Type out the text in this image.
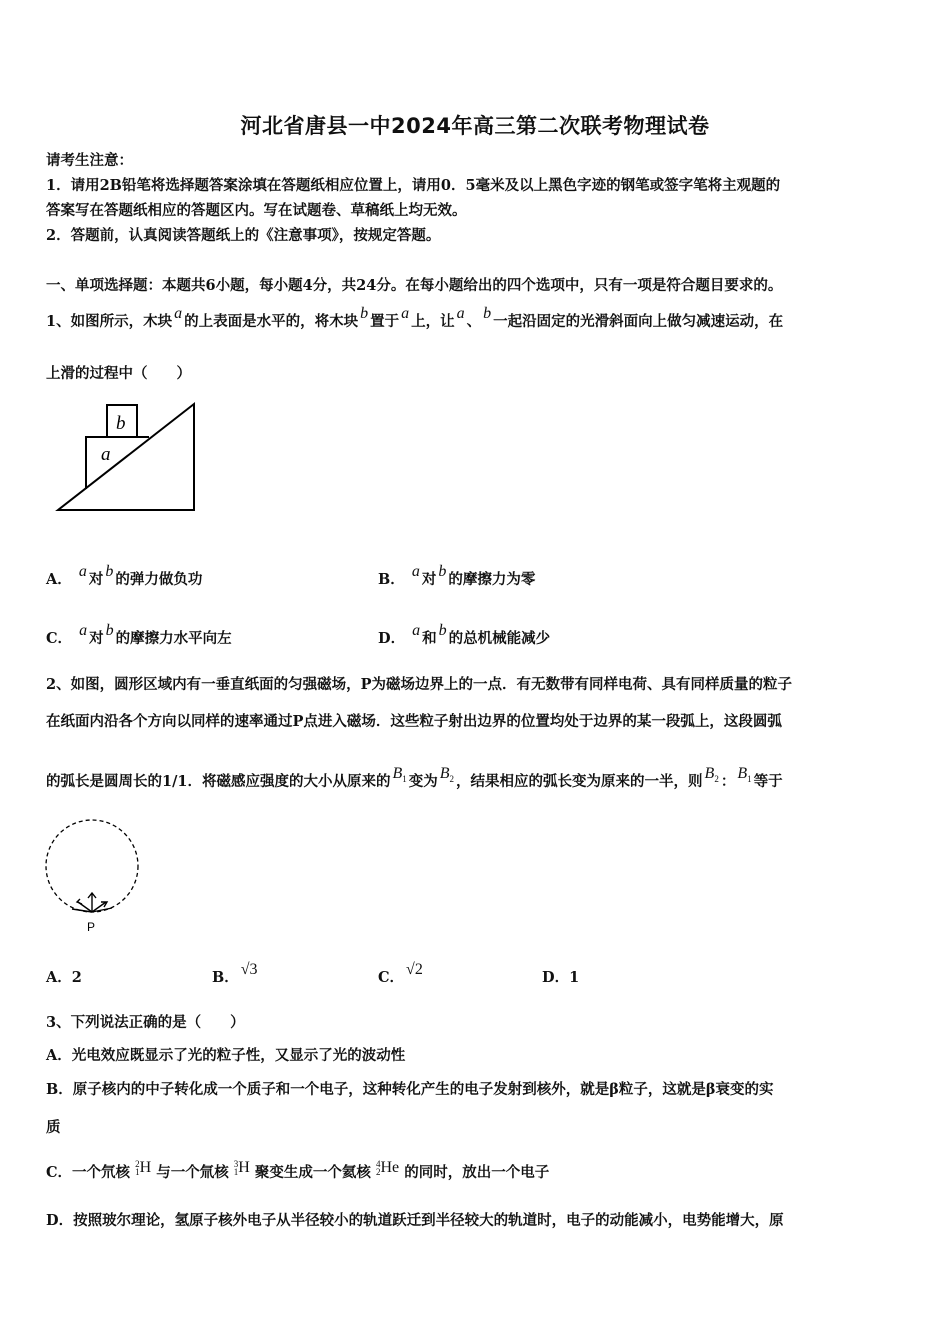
河北省唐县一中2024年高三第二次联考物理试卷
请考生注意：
1．请用2B铅笔将选择题答案涂填在答题纸相应位置上，请用0．5毫米及以上黑色字迹的钢笔或签字笔将主观题的
答案写在答题纸相应的答题区内。写在试题卷、草稿纸上均无效。
2．答题前，认真阅读答题纸上的《注意事项》，按规定答题。
一、单项选择题：本题共6小题，每小题4分，共24分。在每小题给出的四个选项中，只有一项是符合题目要求的。
1、如图所示，木块 a 的上表面是水平的，将木块 b 置于 a 上，让 a 、 b 一起沿固定的光滑斜面向上做匀减速运动，在
上滑的过程中（　　）
a
b
A． a 对 b 的弹力做负功	B． a 对 b 的摩擦力为零
C． a 对 b 的摩擦力水平向左	D． a 和 b 的总机械能减少
2、如图，圆形区域内有一垂直纸面的匀强磁场，P为磁场边界上的一点．有无数带有同样电荷、具有同样质量的粒子
在纸面内沿各个方向以同样的速率通过P点进入磁场．这些粒子射出边界的位置均处于边界的某一段弧上，这段圆弧
的弧长是圆周长的1/1．将磁感应强度的大小从原来的 $B_1$ 变为 $B_2$ ，结果相应的弧长变为原来的一半，则 $B_2$ ： $B_1$ 等于
P
A．2	B． √3	C． √2	D．1
3、下列说法正确的是（　　）
A．光电效应既显示了光的粒子性，又显示了光的波动性
B．原子核内的中子转化成一个质子和一个电子，这种转化产生的电子发射到核外，就是β粒子，这就是β衰变的实
质
C．一个氘核 2
1H 与一个氚核 3
1H 聚变生成一个氦核 4
2He 的同时，放出一个电子
D．按照玻尔理论，氢原子核外电子从半径较小的轨道跃迁到半径较大的轨道时，电子的动能减小，电势能增大，原
